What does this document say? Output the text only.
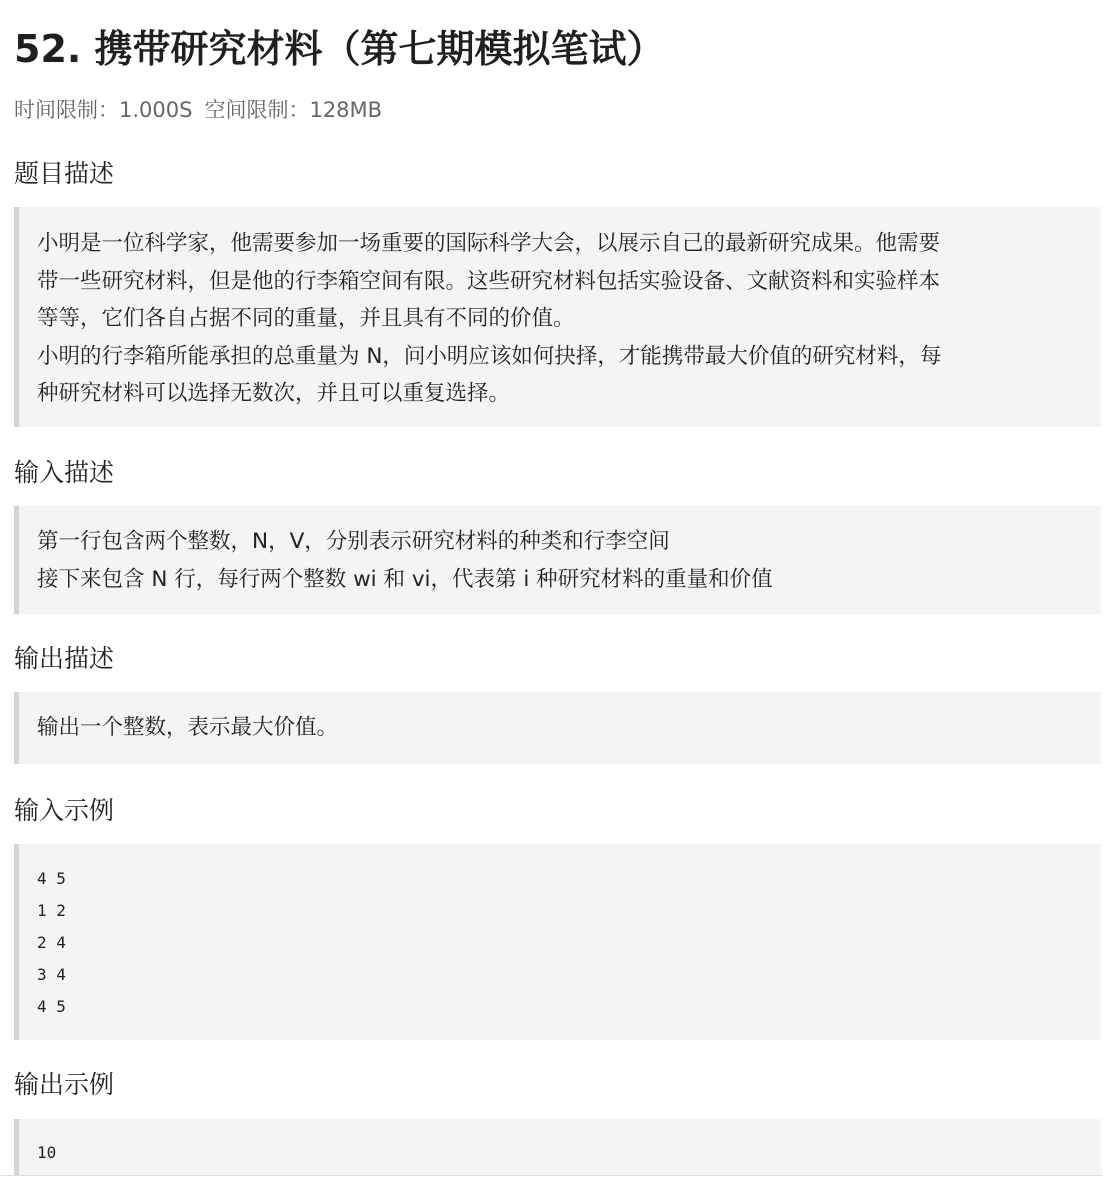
52. 携带研究材料（第七期模拟笔试）
时间限制：1.000S 空间限制：128MB
题目描述

小明是一位科学家，他需要参加一场重要的国际科学大会，以展示自己的最新研究成果。他需要

带一些研究材料，但是他的行李箱空间有限。这些研究材料包括实验设备、文献资料和实验样本

等等，它们各自占据不同的重量，并且具有不同的价值。

小明的行李箱所能承担的总重量为 N，问小明应该如何抉择，才能携带最大价值的研究材料，每

种研究材料可以选择无数次，并且可以重复选择。

输入描述

第一行包含两个整数，N，V，分别表示研究材料的种类和行李空间

接下来包含 N 行，每行两个整数 wi 和 vi，代表第 i 种研究材料的重量和价值

输出描述

输出一个整数，表示最大价值。

输入示例

4 5

1 2

2 4

3 4

4 5

输出示例

10
